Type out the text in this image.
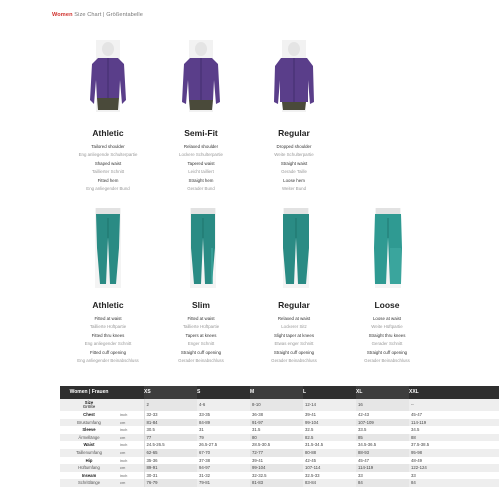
Women Size Chart | Größentabelle
Athletic
Tailored shoulder
Eng anliegende Schulterpartie
Shaped waist
Taillierter Schnitt
Fitted hem
Eng anliegender Bund
Semi-Fit
Relaxed shoulder
Lockere Schulterpartie
Tapered waist
Leicht tailliert
Straight hem
Gerader Bund
Regular
Dropped shoulder
Weite Schulterpartie
Straight waist
Gerade Taille
Loose hem
Weiter Bund
Athletic
Fitted at waist
Taillierte Hüftpartie
Fitted thru knees
Eng anliegender Schnitt
Fitted cuff opening
Eng anliegender Beinabschluss
Slim
Fitted at waist
Taillierte Hüftpartie
Tapers at knees
Enger Schnitt
Straight cuff opening
Gerader Beinabschluss
Regular
Relaxed at waist
Lockerer Sitz
Slight taper at knees
Etwas enger Schnitt
Straight cuff opening
Gerader Beinabschluss
Loose
Loose at waist
Weite Hüftpartie
Straight thru knees
Gerader Schnitt
Straight cuff opening
Gerader Beinabschluss
Women | Frauen		XS	S	M	L	XL	XXL

Size
Größe		2	4-6	8-10	12-14	16	--
Chest	inch	32-33	33-35	36-38	39-41	42-43	45-47
Brustumfang	cm	81-84	84-89	91-97	99-104	107-109	114-119
Sleeve	inch	30.5	31	31.5	32.5	33.5	34.5
Ärmellänge	cm	77	79	80	82.5	85	88
Waist	inch	24.5-26.5	26.5-27.5	28.5-30.5	31.5-34.5	34.5-36.5	37.5-38.5
Taillenumfang	cm	62-65	67-70	72-77	80-88	88-93	95-98
Hip	inch	35-36	37-38	39-41	42-45	45-47	48-49
Hüftumfang	cm	89-91	94-97	99-104	107-114	114-119	122-124
Inseam	inch	30-31	31-32	32-32.5	32.5-33	33	33
Schrittlänge	cm	76-79	79-81	81-83	83-84	84	84
